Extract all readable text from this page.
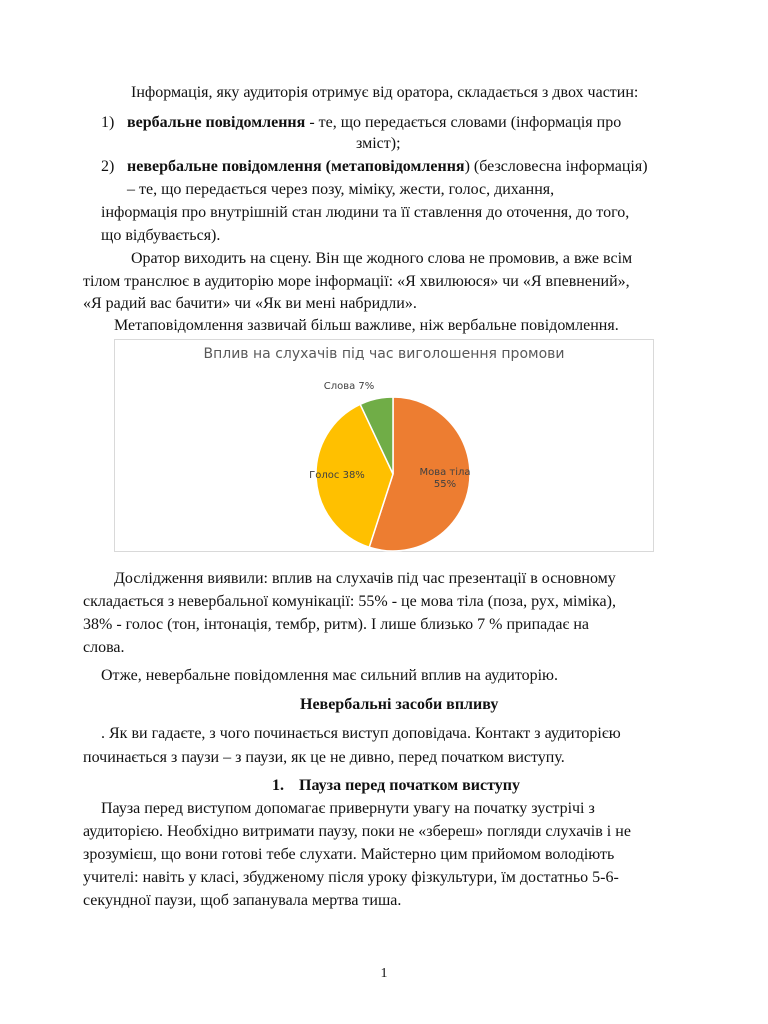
Інформація, яку аудиторія отримує від оратора, складається з двох частин:
1) вербальне повідомлення - те, що передається словами (інформація про
зміст);
2) невербальне повідомлення (метаповідомлення) (безсловесна інформація)
– те, що передається через позу, міміку, жести, голос, дихання,
інформація про внутрішній стан людини та її ставлення до оточення, до того,
що відбувається).
Оратор виходить на сцену. Він ще жодного слова не промовив, а вже всім
тілом транслює в аудиторію море інформації: «Я хвилююся» чи «Я впевнений»,
«Я радий вас бачити» чи «Як ви мені набридли».
Метаповідомлення зазвичай більш важливе, ніж вербальне повідомлення.
Вплив на слухачів під час виголошення промови
Мова тіла
55%
Голос 38%
Слова 7%
Дослідження виявили: вплив на слухачів під час презентації в основному
складається з невербальної комунікації: 55% - це мова тіла (поза, рух, міміка),
38% - голос (тон, інтонація, тембр, ритм). І лише близько 7 % припадає на
слова.
Отже, невербальне повідомлення має сильний вплив на аудиторію.
Невербальні засоби впливу
. Як ви гадаєте, з чого починається виступ доповідача. Контакт з аудиторією
починається з паузи – з паузи, як це не дивно, перед початком виступу.
1. Пауза перед початком виступу
Пауза перед виступом допомагає привернути увагу на початку зустрічі з
аудиторією. Необхідно витримати паузу, поки не «збереш» погляди слухачів і не
зрозумієш, що вони готові тебе слухати. Майстерно цим прийомом володіють
учителі: навіть у класі, збудженому після уроку фізкультури, їм достатньо 5-6-
секундної паузи, щоб запанувала мертва тиша.
1
